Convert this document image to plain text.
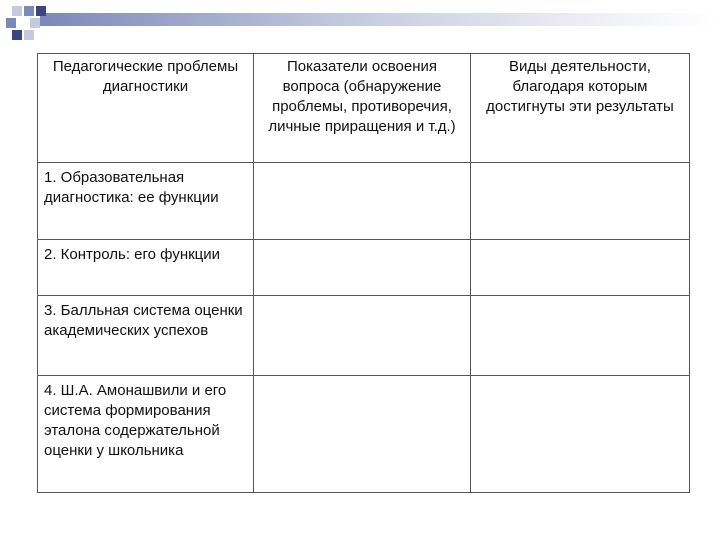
Педагогические проблемы диагностики	Показатели освоения вопроса (обнаружение проблемы, противоречия, личные приращения и т.д.)	Виды деятельности, благодаря которым достигнуты эти результаты
1. Образовательная диагностика: ее функции		
2. Контроль: его функции		
3. Балльная система оценки академических успехов		
4. Ш.А. Амонашвили и его система формирования эталона содержательной оценки у школьника		
